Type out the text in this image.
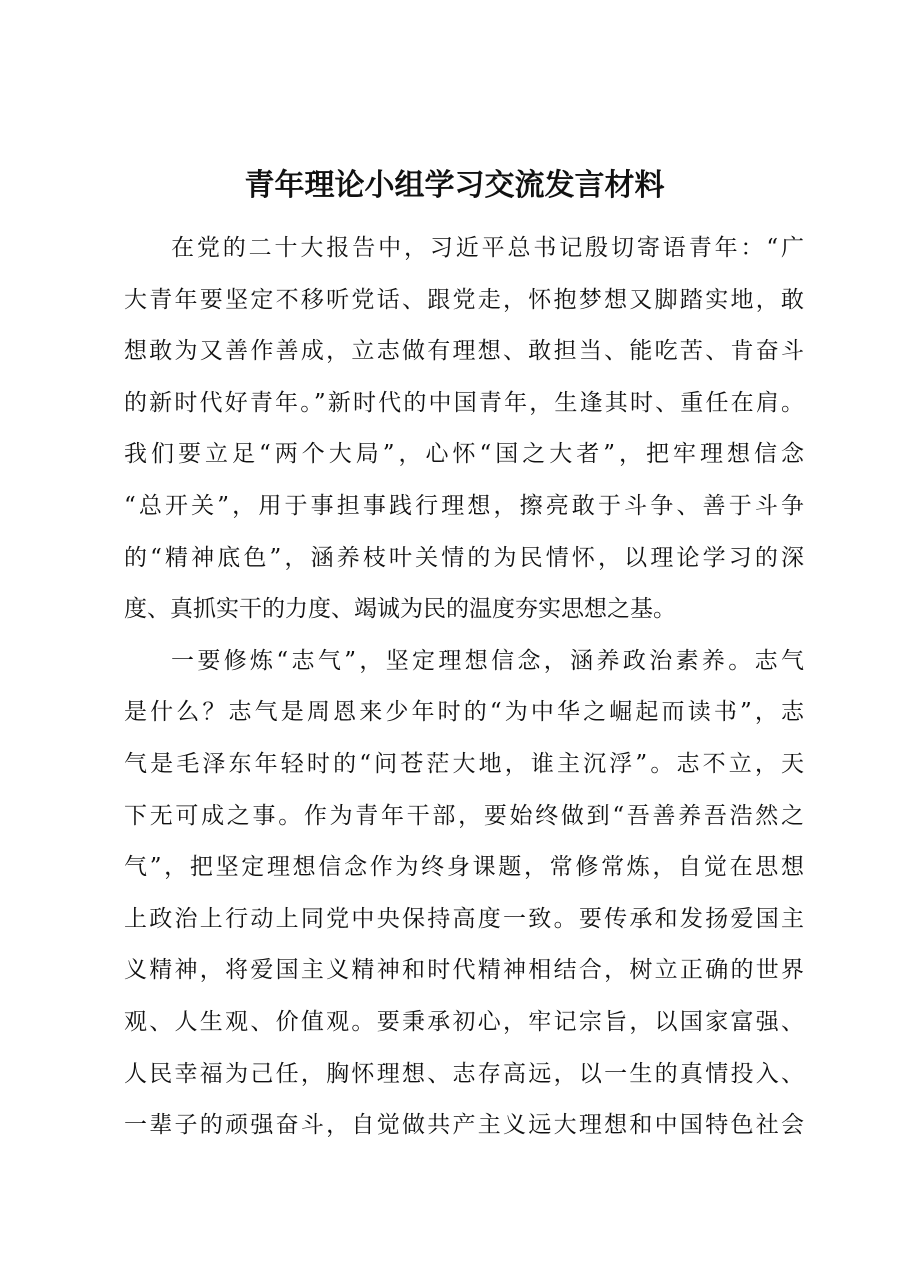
青年理论小组学习交流发言材料
在党的二十大报告中，习近平总书记殷切寄语青年：“广
大青年要坚定不移听党话、跟党走，怀抱梦想又脚踏实地，敢
想敢为又善作善成，立志做有理想、敢担当、能吃苦、肯奋斗
的新时代好青年。”新时代的中国青年，生逢其时、重任在肩。
我们要立足“两个大局”，心怀“国之大者”，把牢理想信念
“总开关”，用于事担事践行理想，擦亮敢于斗争、善于斗争
的“精神底色”，涵养枝叶关情的为民情怀，以理论学习的深
度、真抓实干的力度、竭诚为民的温度夯实思想之基。
一要修炼“志气”，坚定理想信念，涵养政治素养。志气
是什么？志气是周恩来少年时的“为中华之崛起而读书”，志
气是毛泽东年轻时的“问苍茫大地，谁主沉浮”。志不立，天
下无可成之事。作为青年干部，要始终做到“吾善养吾浩然之
气”，把坚定理想信念作为终身课题，常修常炼，自觉在思想
上政治上行动上同党中央保持高度一致。要传承和发扬爱国主
义精神，将爱国主义精神和时代精神相结合，树立正确的世界
观、人生观、价值观。要秉承初心，牢记宗旨，以国家富强、
人民幸福为己任，胸怀理想、志存高远，以一生的真情投入、
一辈子的顽强奋斗，自觉做共产主义远大理想和中国特色社会
